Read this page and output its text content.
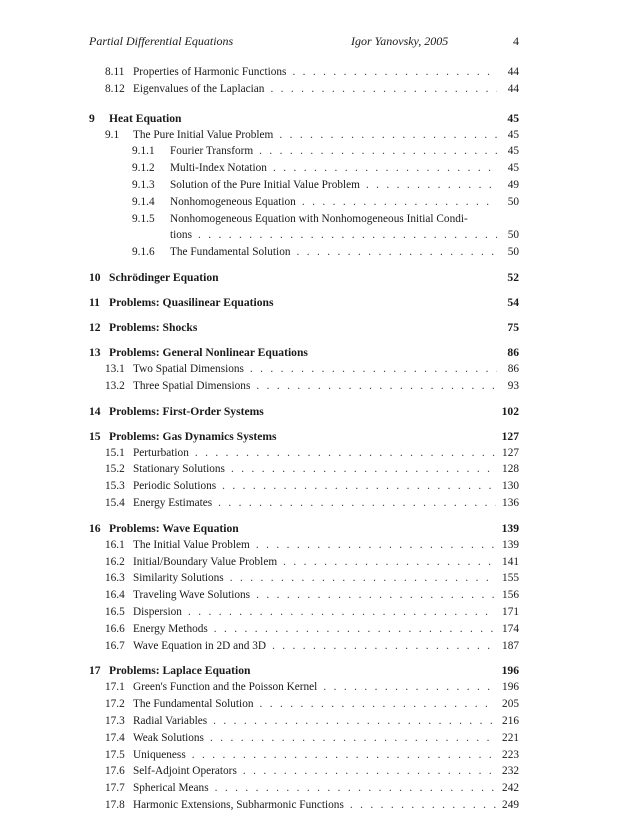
Partial Differential Equations	Igor Yanovsky, 2005	4
8.11 Properties of Harmonic Functions . . .	44
8.12 Eigenvalues of the Laplacian . . .	44
9	Heat Equation	45
9.1	The Pure Initial Value Problem . . .	45
9.1.1	Fourier Transform . . .	45
9.1.2	Multi-Index Notation . . .	45
9.1.3	Solution of the Pure Initial Value Problem . . .	49
9.1.4	Nonhomogeneous Equation . . .	50
9.1.5	Nonhomogeneous Equation with Nonhomogeneous Initial Condi-
tions . . .	50
9.1.6	The Fundamental Solution . . .	50
10 Schrödinger Equation	52
11 Problems: Quasilinear Equations	54
12 Problems: Shocks	75
13 Problems: General Nonlinear Equations	86
13.1 Two Spatial Dimensions . . .	86
13.2 Three Spatial Dimensions . . .	93
14 Problems: First-Order Systems	102
15 Problems: Gas Dynamics Systems	127
15.1 Perturbation . . .	127
15.2 Stationary Solutions . . .	128
15.3 Periodic Solutions . . .	130
15.4 Energy Estimates . . .	136
16 Problems: Wave Equation	139
16.1 The Initial Value Problem . . .	139
16.2 Initial/Boundary Value Problem . . .	141
16.3 Similarity Solutions . . .	155
16.4 Traveling Wave Solutions . . .	156
16.5 Dispersion . . .	171
16.6 Energy Methods . . .	174
16.7 Wave Equation in 2D and 3D . . .	187
17 Problems: Laplace Equation	196
17.1 Green's Function and the Poisson Kernel . . .	196
17.2 The Fundamental Solution . . .	205
17.3 Radial Variables . . .	216
17.4 Weak Solutions . . .	221
17.5 Uniqueness . . .	223
17.6 Self-Adjoint Operators . . .	232
17.7 Spherical Means . . .	242
17.8 Harmonic Extensions, Subharmonic Functions . . .	249
